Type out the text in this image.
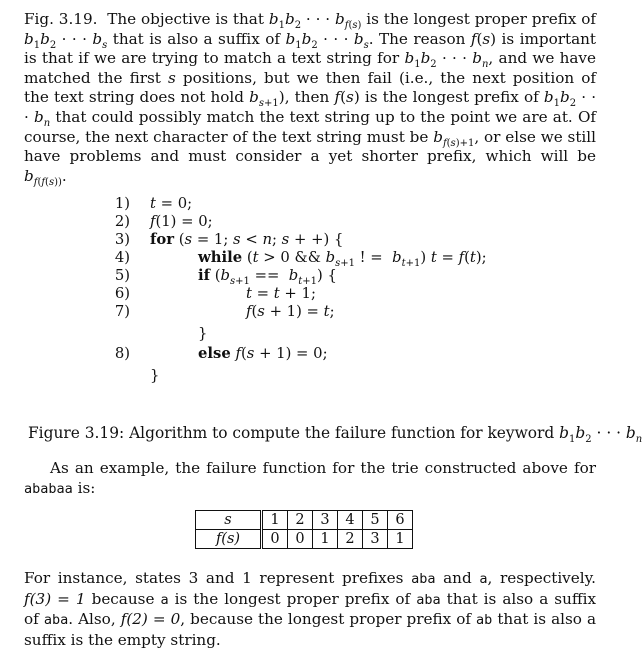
Fig. 3.19. The objective is that $b_1b_2$ · · · $b_{f(s)}$ is the longest proper prefix of $b_1b_2$ · · · $b_s$ that is also a suffix of $b_1b_2$ · · · $b_s$. The reason f(s) is important is that if we are trying to match a text string for $b_1b_2$ · · · $b_n$, and we have matched the first s positions, but we then fail (i.e., the next position of the text string does not hold $b_{s+1}$), then f(s) is the longest prefix of $b_1b_2$ · · · $b_n$ that could possibly match the text string up to the point we are at. Of course, the next character of the text string must be $b_{f(s)+1}$, or else we still have problems and must consider a yet shorter prefix, which will be $b_{f(f(s))}$.

1) t = 0;
2) f(1) = 0;
3) for (s = 1; s < n; s + +) {
4)	while (t > 0 && $b_{s+1}$ ! =  $b_{t+1}$) t = f(t);
5)	if $(b_{s+1} == b_{t+1})$ {
6)	t = t + 1;
7)	f(s + 1) = t;
}
8)	else f(s + 1) = 0;
}

Figure 3.19: Algorithm to compute the failure function for keyword $b_1b_2$ · · · $b_n$

As an example, the failure function for the trie constructed above for ababaa is:

s	1	2	3	4	5	6
f(s)	0	0	1	2	3	1

For instance, states 3 and 1 represent prefixes aba and a, respectively. f(3) = 1 because a is the longest proper prefix of aba that is also a suffix of aba. Also, f(2) = 0, because the longest proper prefix of ab that is also a suffix is the empty string.
